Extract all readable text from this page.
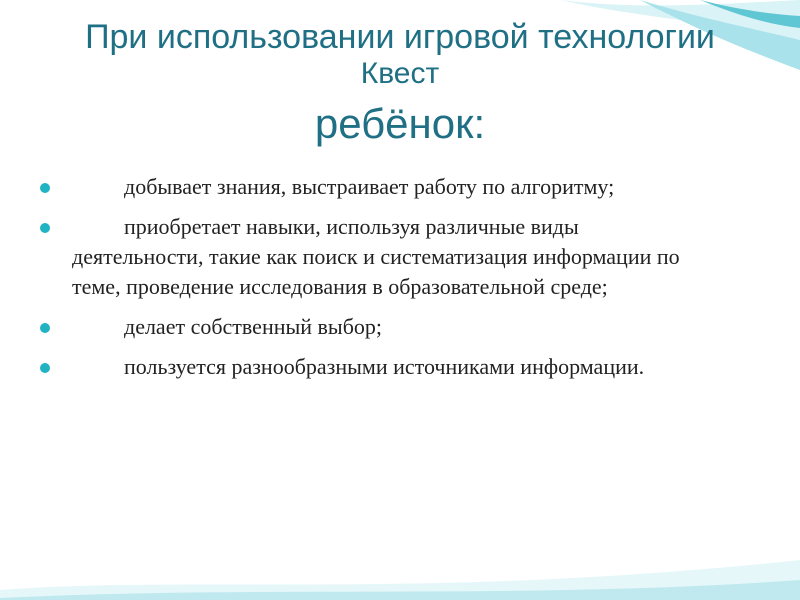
При использовании игровой технологии
Квест
ребёнок:
добывает знания, выстраивает работу по алгоритму;
приобретает навыки, используя различные виды деятельности, такие как поиск и систематизация информации по теме, проведение исследования в образовательной среде;
делает собственный выбор;
пользуется разнообразными источниками информации.
